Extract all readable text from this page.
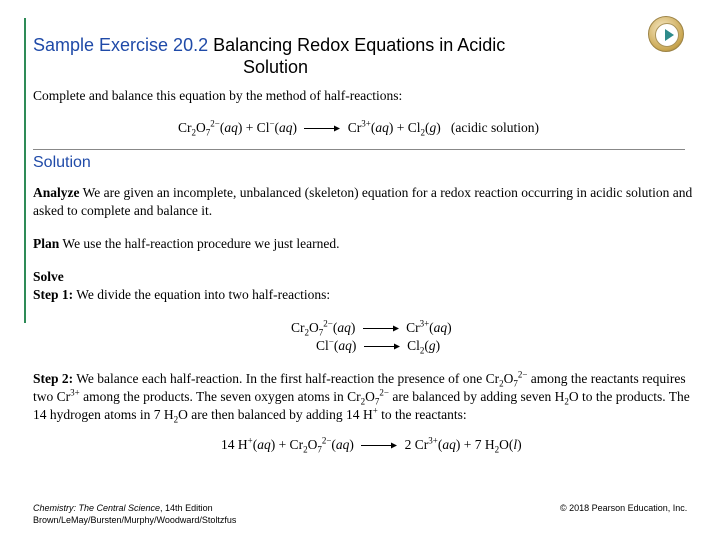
Sample Exercise 20.2 Balancing Redox Equations in Acidic
Solution
Complete and balance this equation by the method of half-reactions:
$Cr_2O_7^{2-}(aq) + Cl^-(aq) \to Cr^{3+}(aq) + Cl_2(g)$   (acidic solution)
Solution
Analyze We are given an incomplete, unbalanced (skeleton) equation for a redox reaction occurring in acidic solution and asked to complete and balance it.
Plan We use the half-reaction procedure we just learned.
Solve
Step 1: We divide the equation into two half-reactions:
$Cr_2O_7^{2-}(aq) \to Cr^{3+}(aq)$
$Cl^-(aq) \to Cl_2(g)$
Step 2: We balance each half-reaction. In the first half-reaction the presence of one $Cr_2O_7^{2-}$ among the reactants requires two $Cr^{3+}$ among the products. The seven oxygen atoms in $Cr_2O_7^{2-}$ are balanced by adding seven $H_2O$ to the products. The 14 hydrogen atoms in 7 $H_2O$ are then balanced by adding 14 H+ to the reactants:
14 $H^+(aq) + Cr_2O_7^{2-}(aq) \to 2$ $Cr^{3+}(aq) + 7$ $H_2O(l)$
Chemistry: The Central Science, 14th Edition
Brown/LeMay/Bursten/Murphy/Woodward/Stoltzfus
© 2018 Pearson Education, Inc.
